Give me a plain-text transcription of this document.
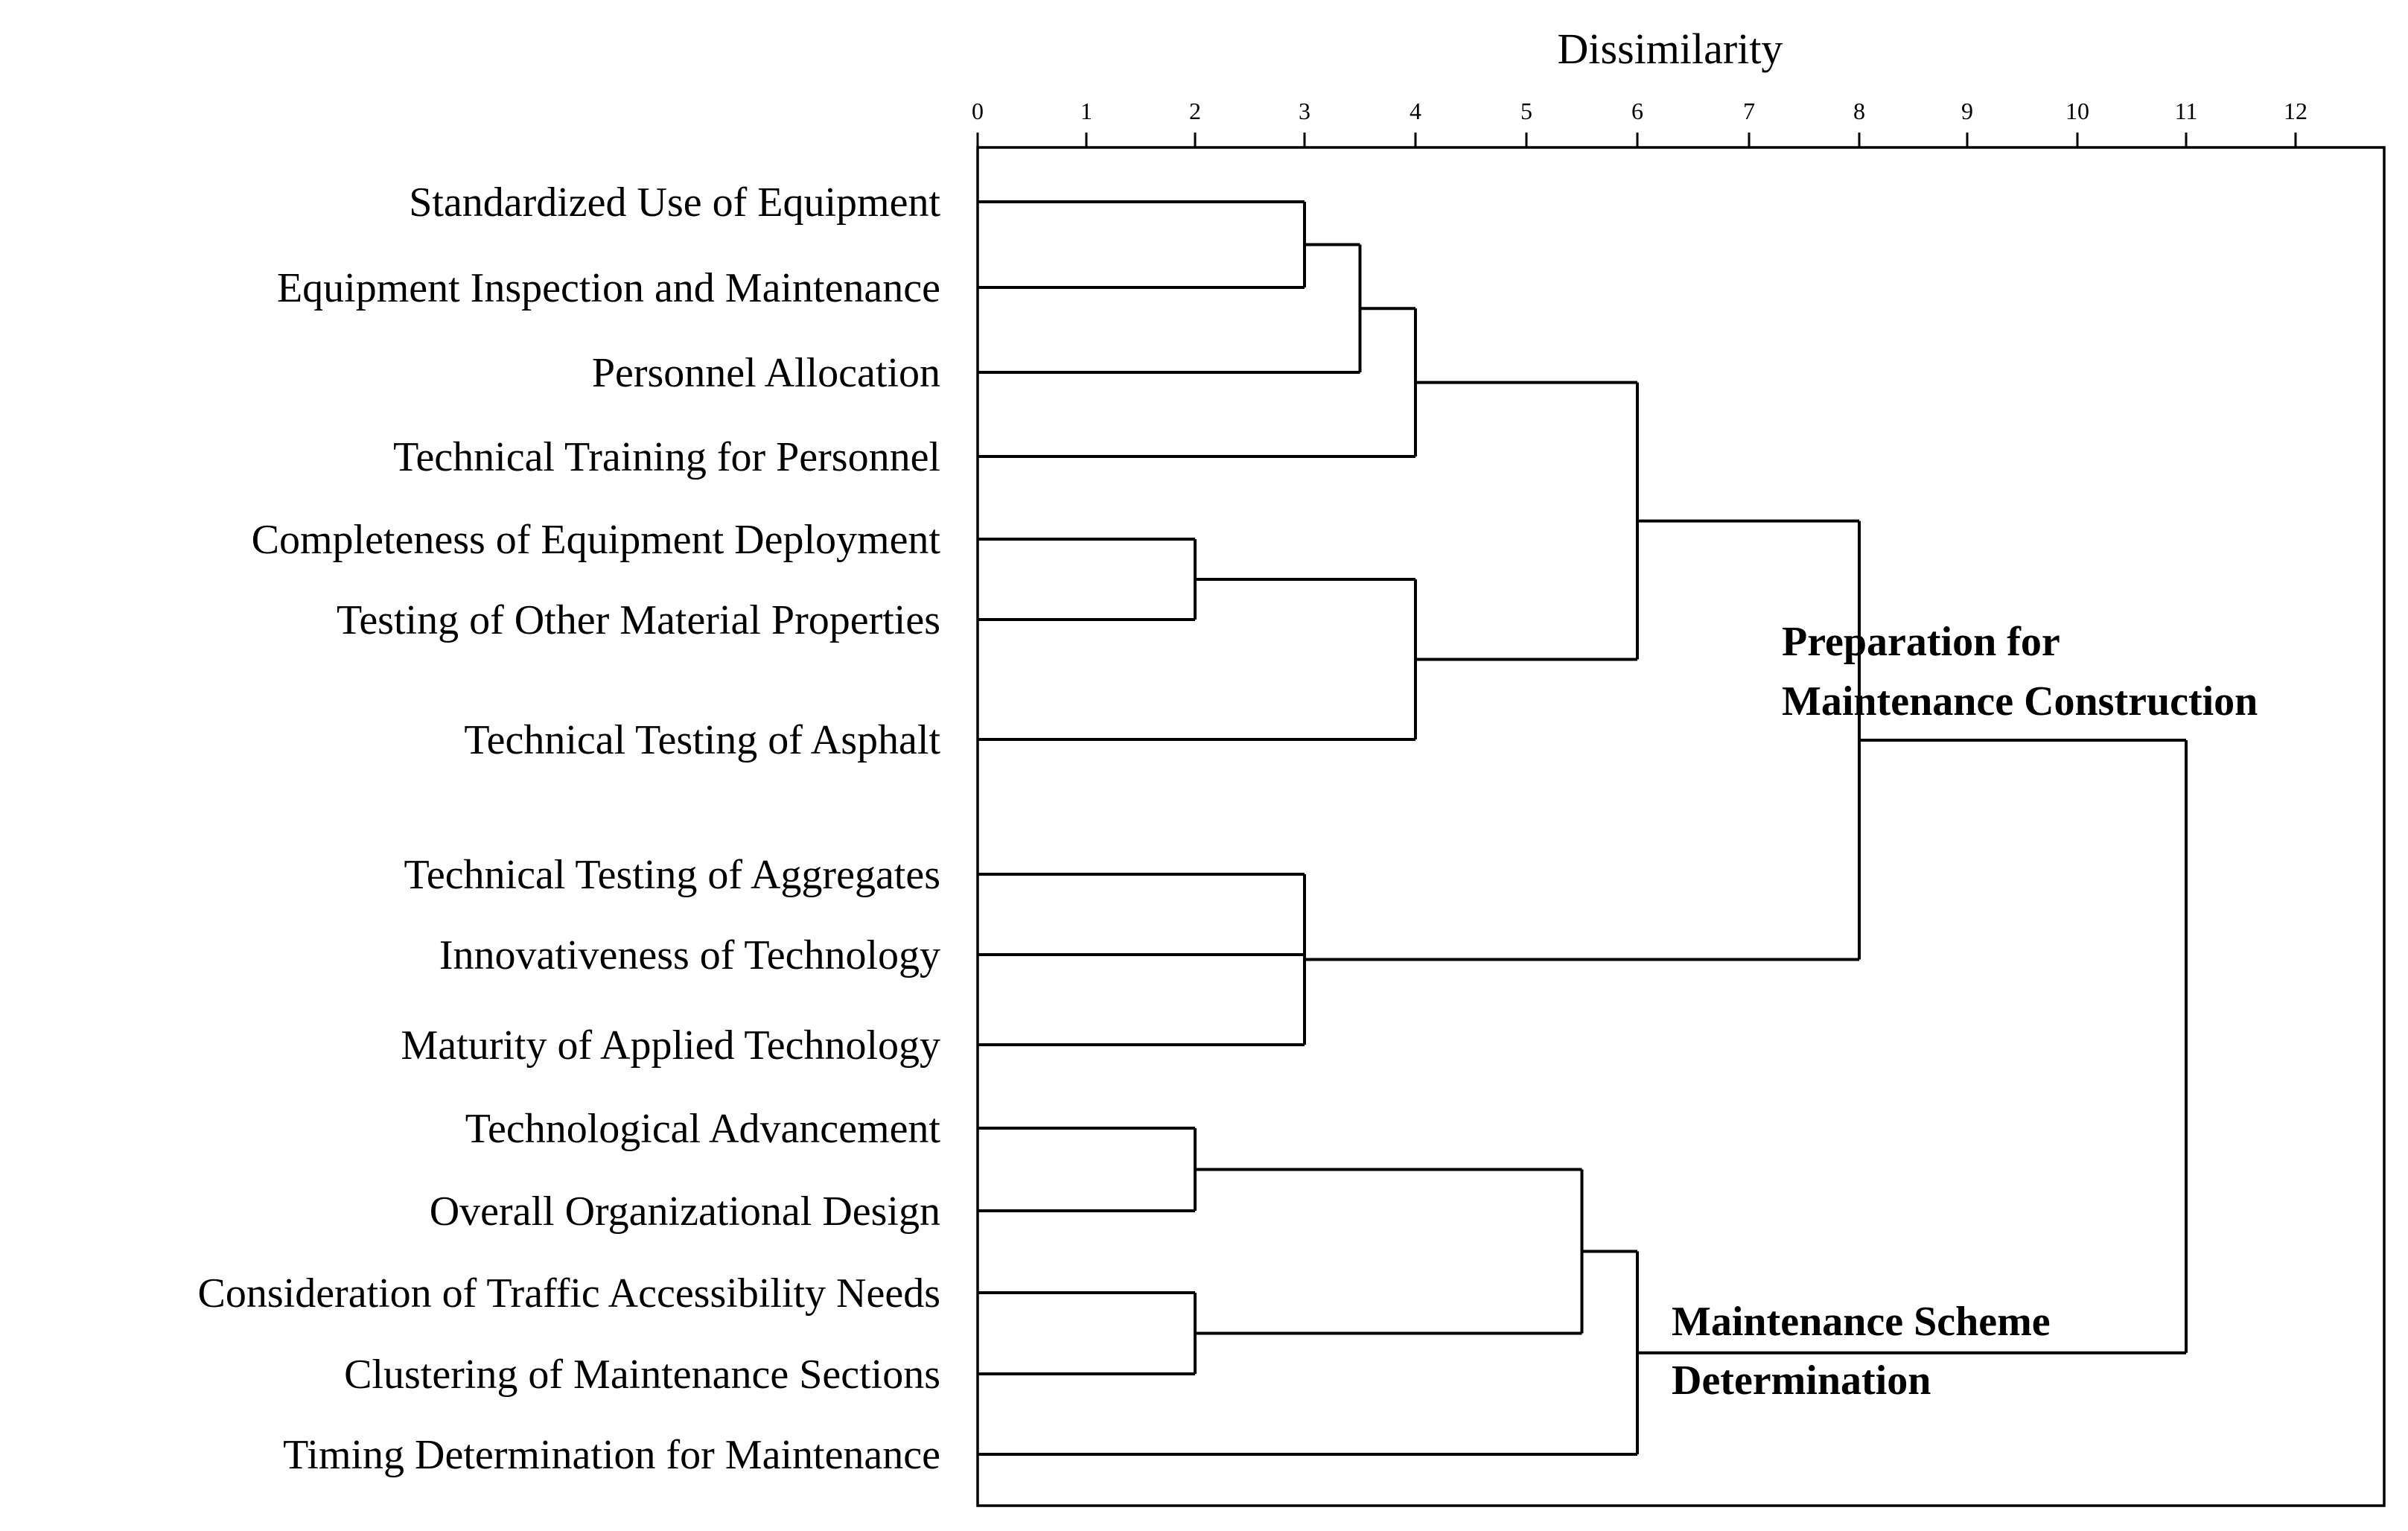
Dissimilarity
0	1	2	3	4	5	6	7	8	9	10	11	12
Standardized Use of Equipment
Equipment Inspection and Maintenance
Personnel Allocation
Technical Training for Personnel
Completeness of Equipment Deployment
Testing of Other Material Properties
Technical Testing of Asphalt
Technical Testing of Aggregates
Innovativeness of Technology
Maturity of Applied Technology
Technological Advancement
Overall Organizational Design
Consideration of Traffic Accessibility Needs
Clustering of Maintenance Sections
Timing Determination for Maintenance
Preparation for
Maintenance Construction
Maintenance Scheme
Determination
